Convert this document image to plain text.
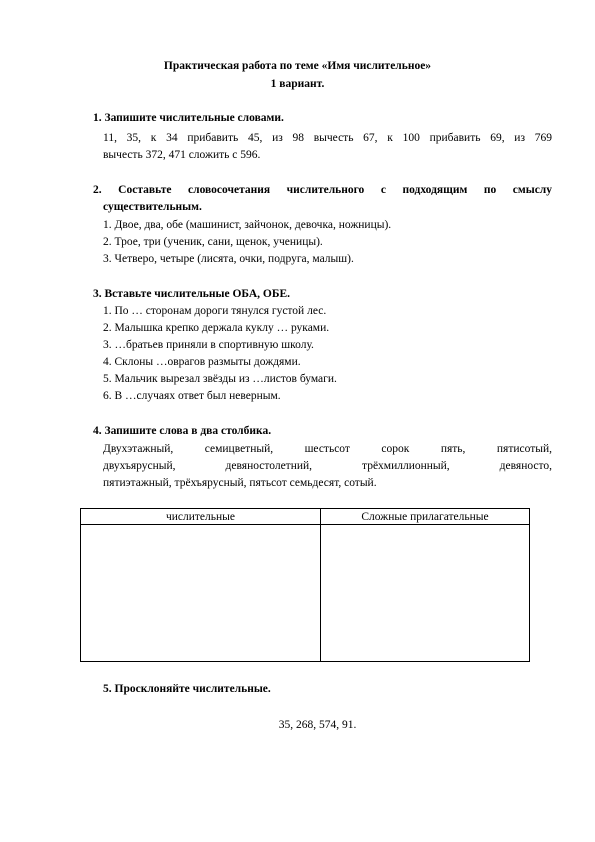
Практическая работа по теме «Имя числительное»
1 вариант.
1. Запишите числительные словами.
11, 35, к 34 прибавить 45, из 98 вычесть 67, к 100 прибавить 69, из 769
вычесть 372, 471 сложить с 596.
2. Составьте словосочетания числительного с подходящим по смыслу
существительным.
1. Двое, два, обе (машинист, зайчонок, девочка, ножницы).
2. Трое, три (ученик, сани, щенок, ученицы).
3. Четверо, четыре (лисята, очки, подруга, малыш).
3. Вставьте числительные ОБА, ОБЕ.
1. По … сторонам дороги тянулся густой лес.
2. Малышка крепко держала куклу … руками.
3. …братьев приняли в спортивную школу.
4. Склоны …оврагов размыты дождями.
5. Мальчик вырезал звёзды из …листов бумаги.
6. В …случаях ответ был неверным.
4. Запишите слова в два столбика.
Двухэтажный, семицветный, шестьсот сорок пять, пятисотый,
двухъярусный, девяностолетний, трёхмиллионный, девяносто,
пятиэтажный, трёхъярусный, пятьсот семьдесят, сотый.
числительные	Сложные прилагательные

5. Просклоняйте числительные.
35, 268, 574, 91.
